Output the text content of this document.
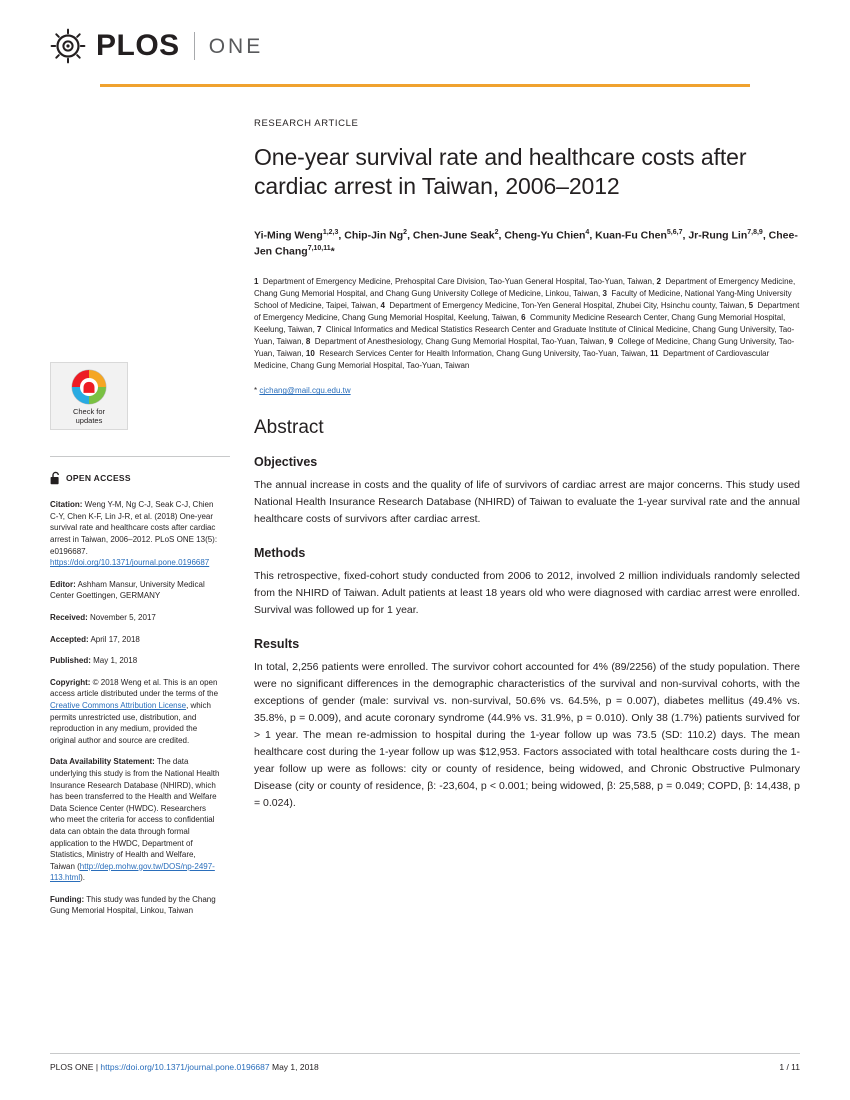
PLOS ONE
Check for
updates
OPEN ACCESS
Citation: Weng Y-M, Ng C-J, Seak C-J, Chien C-Y, Chen K-F, Lin J-R, et al. (2018) One-year survival rate and healthcare costs after cardiac arrest in Taiwan, 2006–2012. PLoS ONE 13(5): e0196687. https://doi.org/10.1371/journal.pone.0196687
Editor: Ashham Mansur, University Medical Center Goettingen, GERMANY
Received: November 5, 2017
Accepted: April 17, 2018
Published: May 1, 2018
Copyright: © 2018 Weng et al. This is an open access article distributed under the terms of the Creative Commons Attribution License, which permits unrestricted use, distribution, and reproduction in any medium, provided the original author and source are credited.
Data Availability Statement: The data underlying this study is from the National Health Insurance Research Database (NHIRD), which has been transferred to the Health and Welfare Data Science Center (HWDC). Researchers who meet the criteria for access to confidential data can obtain the data through formal application to the HWDC, Department of Statistics, Ministry of Health and Welfare, Taiwan (http://dep.mohw.gov.tw/DOS/np-2497-113.html).
Funding: This study was funded by the Chang Gung Memorial Hospital, Linkou, Taiwan
RESEARCH ARTICLE
One-year survival rate and healthcare costs after cardiac arrest in Taiwan, 2006–2012
Yi-Ming Weng$^{1,2,3}$, Chip-Jin Ng$^2$, Chen-June Seak$^2$, Cheng-Yu Chien$^4$, Kuan-Fu Chen$^{5,6,7}$, Jr-Rung Lin$^{7,8,9}$, Chee-Jen Chang$^{7,10,11}$*
1  Department of Emergency Medicine, Prehospital Care Division, Tao-Yuan General Hospital, Tao-Yuan, Taiwan, 2  Department of Emergency Medicine, Chang Gung Memorial Hospital, and Chang Gung University College of Medicine, Linkou, Taiwan, 3  Faculty of Medicine, National Yang-Ming University School of Medicine, Taipei, Taiwan, 4  Department of Emergency Medicine, Ton-Yen General Hospital, Zhubei City, Hsinchu county, Taiwan, 5  Department of Emergency Medicine, Chang Gung Memorial Hospital, Keelung, Taiwan, 6  Community Medicine Research Center, Chang Gung Memorial Hospital, Keelung, Taiwan, 7  Clinical Informatics and Medical Statistics Research Center and Graduate Institute of Clinical Medicine, Chang Gung University, Tao-Yuan, Taiwan, 8  Department of Anesthesiology, Chang Gung Memorial Hospital, Tao-Yuan, Taiwan, 9  College of Medicine, Chang Gung University, Tao-Yuan, Taiwan, 10  Research Services Center for Health Information, Chang Gung University, Tao-Yuan, Taiwan, 11  Department of Cardiovascular Medicine, Chang Gung Memorial Hospital, Tao-Yuan, Taiwan
* cjchang@mail.cgu.edu.tw
Abstract
Objectives

The annual increase in costs and the quality of life of survivors of cardiac arrest are major concerns. This study used National Health Insurance Research Database (NHIRD) of Taiwan to evaluate the 1-year survival rate and the annual healthcare costs of survivors after cardiac arrest.

Methods

This retrospective, fixed-cohort study conducted from 2006 to 2012, involved 2 million individuals randomly selected from the NHIRD of Taiwan. Adult patients at least 18 years old who were diagnosed with cardiac arrest were enrolled. Survival was followed up for 1 year.

Results

In total, 2,256 patients were enrolled. The survivor cohort accounted for 4% (89/2256) of the study population. There were no significant differences in the demographic characteristics of the survival and non-survival cohorts, with the exceptions of gender (male: survival vs. non-survival, 50.6% vs. 64.5%, p = 0.007), diabetes mellitus (49.4% vs. 35.8%, p = 0.009), and acute coronary syndrome (44.9% vs. 31.9%, p = 0.010). Only 38 (1.7%) patients survived for > 1 year. The mean re-admission to hospital during the 1-year follow up was 73.5 (SD: 110.2) days. The mean healthcare cost during the 1-year follow up was $12,953. Factors associated with total healthcare costs during the 1-year follow up were as follows: city or county of residence, being widowed, and Chronic Obstructive Pulmonary Disease (city or county of residence, β: -23,604, p < 0.001; being widowed, β: 25,588, p = 0.049; COPD, β: 14,438, p = 0.024).

PLOS ONE | https://doi.org/10.1371/journal.pone.0196687 May 1, 2018	1 / 11
